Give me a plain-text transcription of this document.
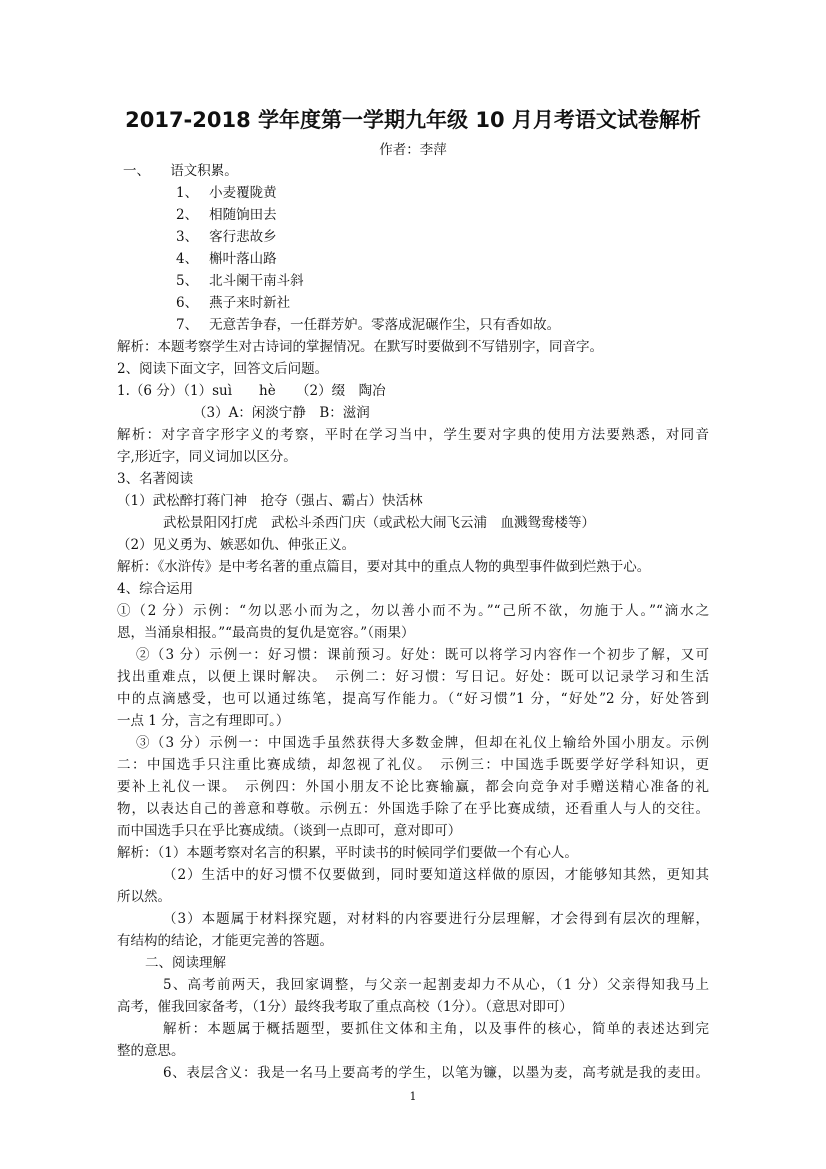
2017-2018 学年度第一学期九年级 10 月月考语文试卷解析
作者：李萍
一、　　语文积累。
1、　 小麦覆陇黄
2、　 相随饷田去
3、　 客行悲故乡
4、　 槲叶落山路
5、　 北斗阑干南斗斜
6、　 燕子来时新社
7、　 无意苦争春，一任群芳妒。零落成泥碾作尘，只有香如故。
解析：本题考察学生对古诗词的掌握情况。在默写时要做到不写错别字，同音字。
2、阅读下面文字，回答文后问题。
1.（6 分）（1）suì　　hè　　（2）缀　陶冶
（3）A：闲淡宁静　B：滋润
解析：对字音字形字义的考察，平时在学习当中，学生要对字典的使用方法要熟悉，对同音
字,形近字，同义词加以区分。
3、名著阅读
（1）武松醉打蒋门神　抢夺（强占、霸占）快活林
武松景阳冈打虎　武松斗杀西门庆（或武松大闹飞云浦　血溅鸳鸯楼等）
（2）见义勇为、嫉恶如仇、伸张正义。
解析：《水浒传》是中考名著的重点篇目，要对其中的重点人物的典型事件做到烂熟于心。
4、综合运用
①（2 分）示例：“勿以恶小而为之，勿以善小而不为。”“己所不欲，勿施于人。”“滴水之
恩，当涌泉相报。”“最高贵的复仇是宽容。”（雨果）
②（3 分）示例一：好习惯：课前预习。好处：既可以将学习内容作一个初步了解，又可
找出重难点，以便上课时解决。　示例二：好习惯：写日记。好处：既可以记录学习和生活
中的点滴感受，也可以通过练笔，提高写作能力。（“好习惯”1 分，“好处”2 分，好处答到
一点 1 分，言之有理即可。）
③（3 分）示例一：中国选手虽然获得大多数金牌，但却在礼仪上输给外国小朋友。示例
二：中国选手只注重比赛成绩，却忽视了礼仪。　示例三：中国选手既要学好学科知识，更
要补上礼仪一课。　示例四：外国小朋友不论比赛输赢，都会向竞争对手赠送精心准备的礼
物，以表达自己的善意和尊敬。示例五：外国选手除了在乎比赛成绩，还看重人与人的交往。
而中国选手只在乎比赛成绩。（谈到一点即可，意对即可）
解析：（1）本题考察对名言的积累，平时读书的时候同学们要做一个有心人。
（2）生活中的好习惯不仅要做到，同时要知道这样做的原因，才能够知其然，更知其
所以然。
（3）本题属于材料探究题，对材料的内容要进行分层理解，才会得到有层次的理解，
有结构的结论，才能更完善的答题。
二、阅读理解
5、高考前两天，我回家调整，与父亲一起割麦却力不从心，（1 分）父亲得知我马上
高考，催我回家备考，（1分）最终我考取了重点高校（1分）。（意思对即可）
解析：本题属于概括题型，要抓住文体和主角，以及事件的核心，简单的表述达到完
整的意思。
6、表层含义：我是一名马上要高考的学生，以笔为镰，以墨为麦，高考就是我的麦田。
1
